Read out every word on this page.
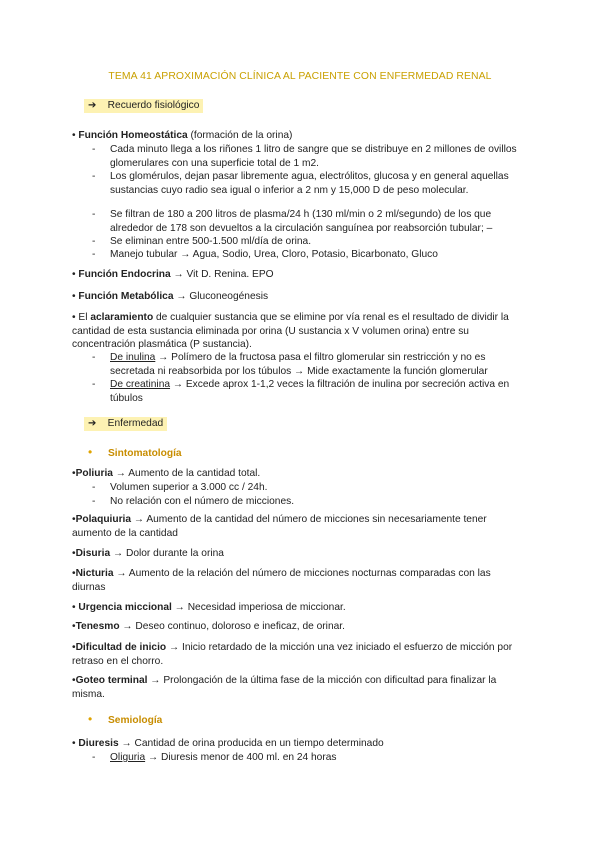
TEMA 41 APROXIMACIÓN CLÍNICA AL PACIENTE CON ENFERMEDAD RENAL
➔ Recuerdo fisiológico
• Función Homeostática (formación de la orina)
-	Cada minuto llega a los riñones 1 litro de sangre que se distribuye en 2 millones de ovillos glomerulares con una superficie total de 1 m2.
-	Los glomérulos, dejan pasar libremente agua, electrólitos, glucosa y en general aquellas sustancias cuyo radio sea igual o inferior a 2 nm y 15,000 D de peso molecular.
-	Se filtran de 180 a 200 litros de plasma/24 h (130 ml/min o 2 ml/segundo) de los que alrededor de 178 son devueltos a la circulación sanguínea por reabsorción tubular; –
-	Se eliminan entre 500-1.500 ml/día de orina.
-	Manejo tubular → Agua, Sodio, Urea, Cloro, Potasio, Bicarbonato, Gluco
• Función Endocrina → Vit D. Renina. EPO
• Función Metabólica → Gluconeogénesis
• El aclaramiento de cualquier sustancia que se elimine por vía renal es el resultado de dividir la cantidad de esta sustancia eliminada por orina (U sustancia x V volumen orina) entre su concentración plasmática (P sustancia).
-	De inulina → Polímero de la fructosa pasa el filtro glomerular sin restricción y no es secretada ni reabsorbida por los túbulos → Mide exactamente la función glomerular
-	De creatinina → Excede aprox 1-1,2 veces la filtración de inulina por secreción activa en túbulos
➔ Enfermedad
• Sintomatología
•Poliuria → Aumento de la cantidad total.
-	Volumen superior a 3.000 cc / 24h.
-	No relación con el número de micciones.
•Polaquiuria → Aumento de la cantidad del número de micciones sin necesariamente tener aumento de la cantidad
•Disuria → Dolor durante la orina
•Nicturia → Aumento de la relación del número de micciones nocturnas comparadas con las diurnas
• Urgencia miccional → Necesidad imperiosa de miccionar.
•Tenesmo → Deseo continuo, doloroso e ineficaz, de orinar.
•Dificultad de inicio → Inicio retardado de la micción una vez iniciado el esfuerzo de micción por retraso en el chorro.
•Goteo terminal → Prolongación de la última fase de la micción con dificultad para finalizar la misma.
• Semiología
• Diuresis → Cantidad de orina producida en un tiempo determinado
-	Oliguria → Diuresis menor de 400 ml. en 24 horas
